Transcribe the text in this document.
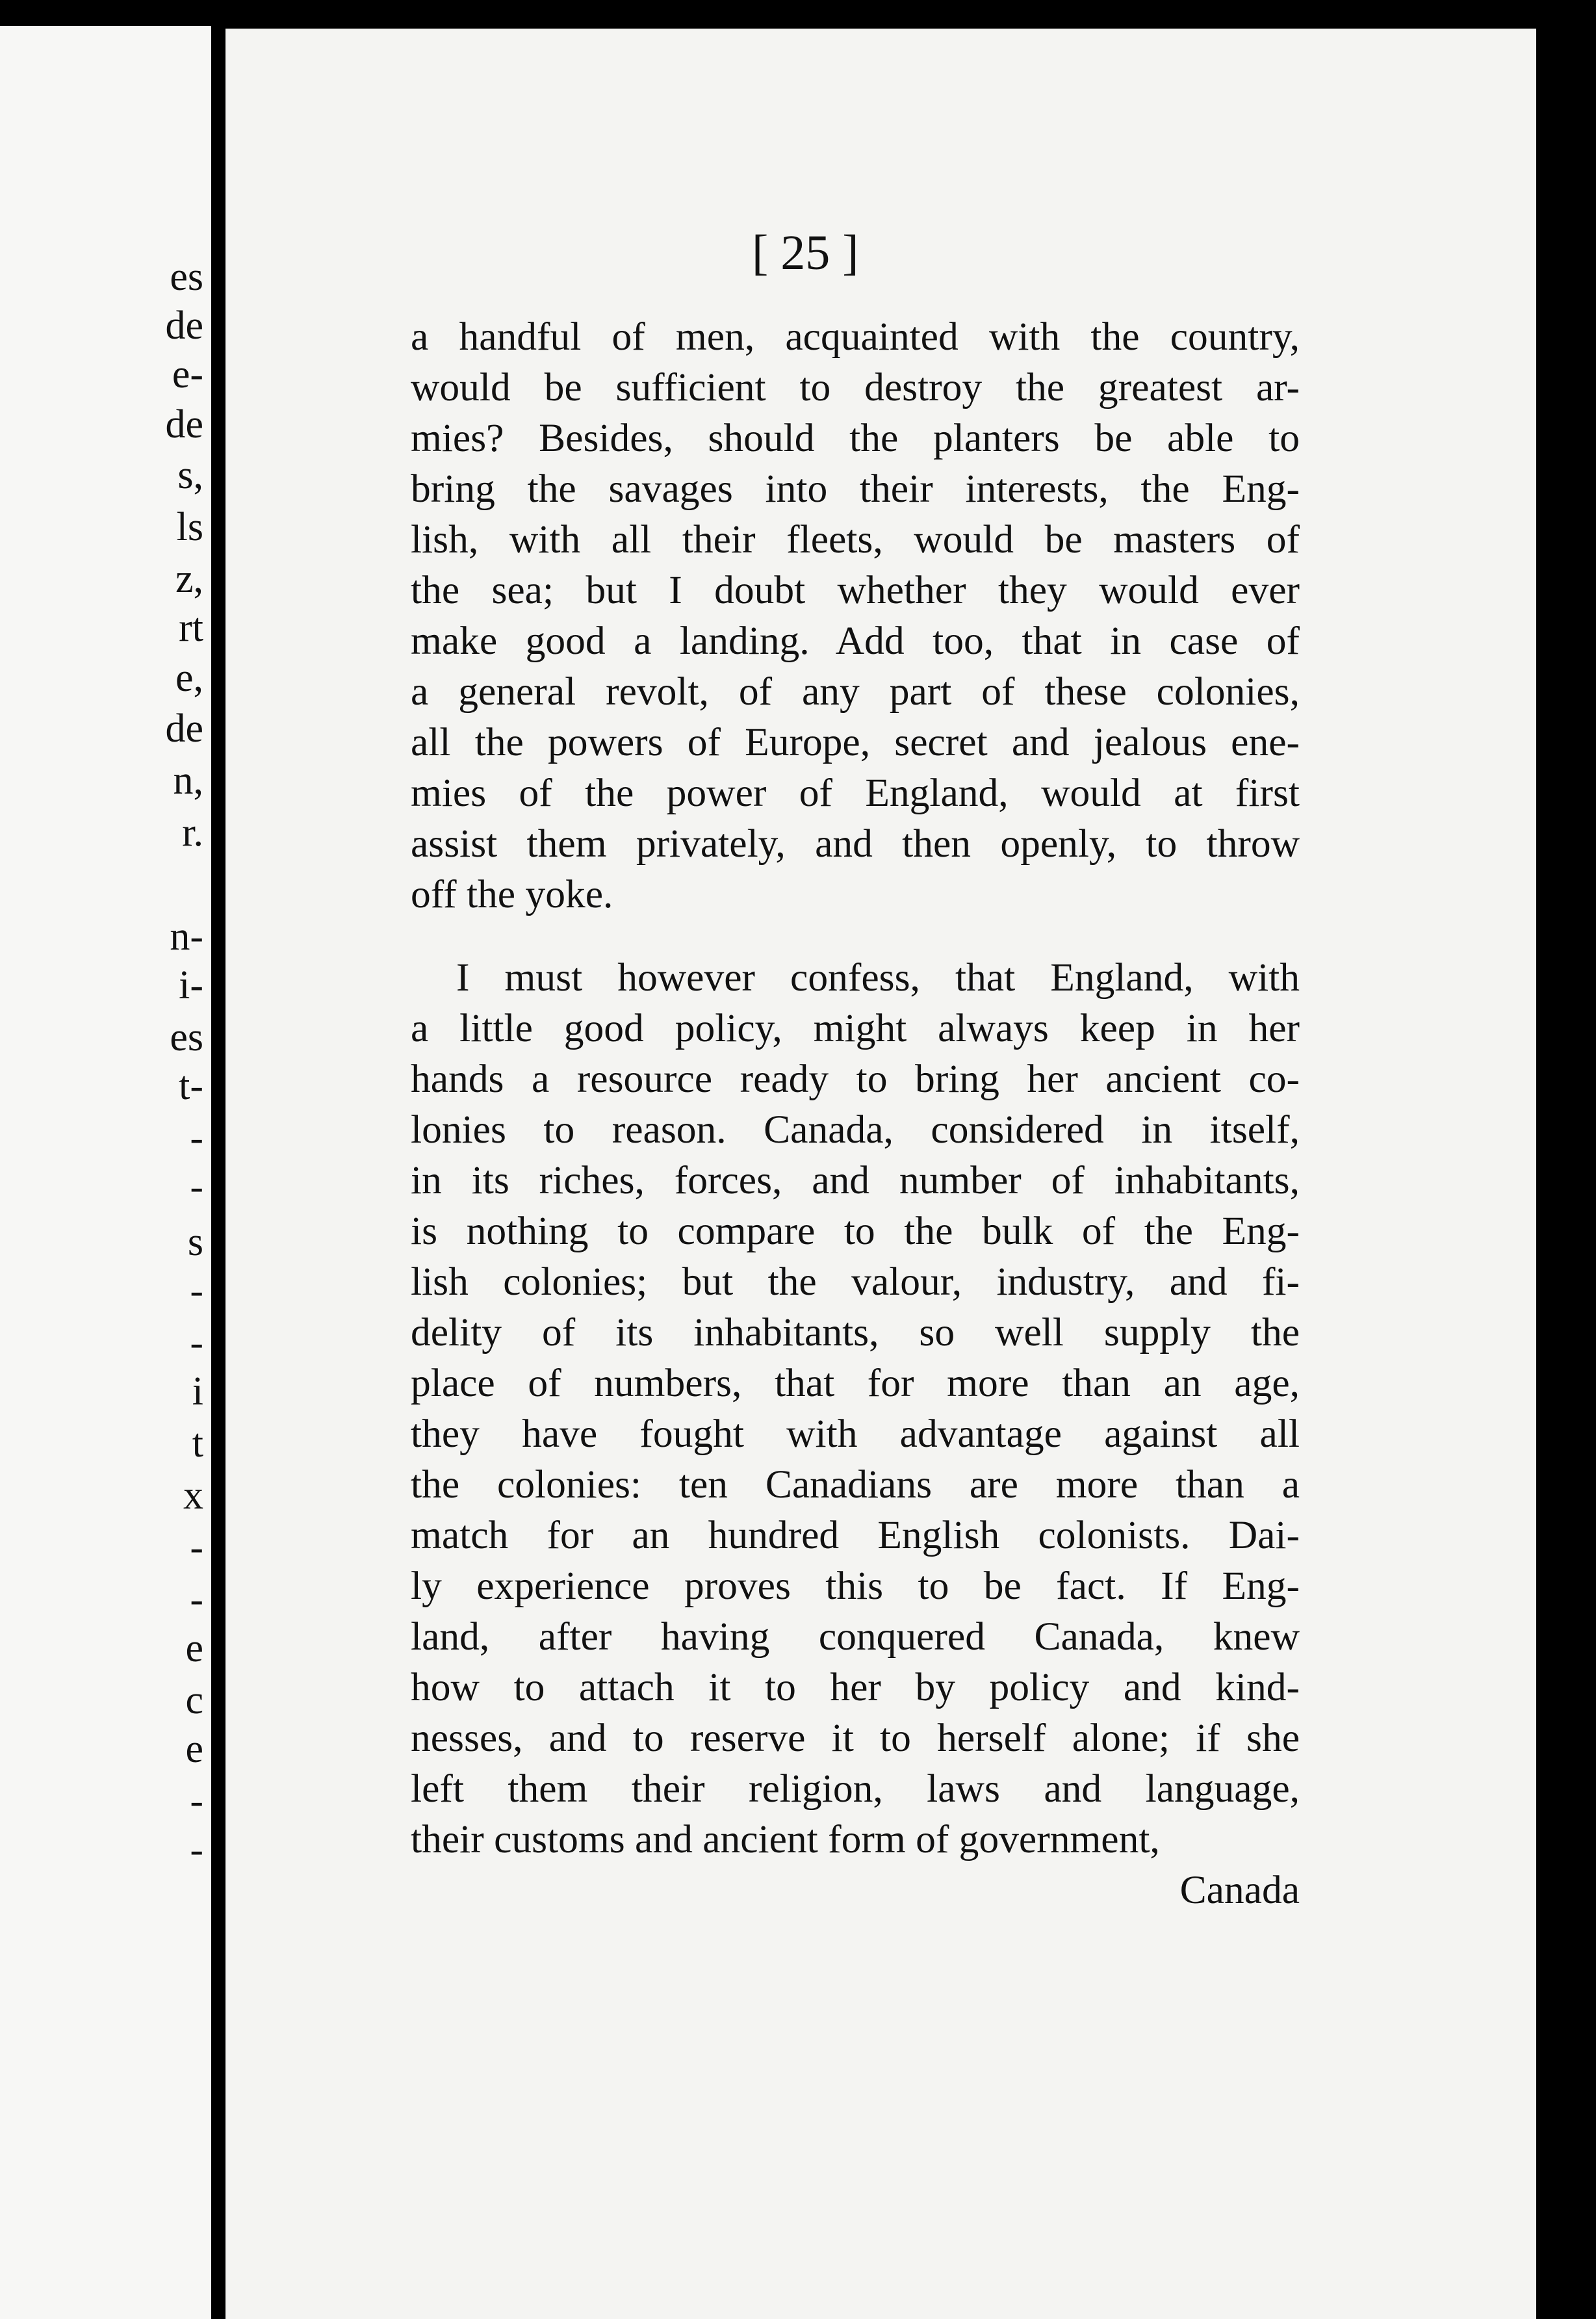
es
de
e-
de
s,
ls
z,
rt
e,
de
n,
r.
n-
i-
es
t-
-
-
s
-
-
i
t
x
-
-
e
c
e
-
-
[ 25 ]
a handful of men, acquainted with the country,
would be sufficient to destroy the greatest ar-
mies? Besides, should the planters be able to
bring the savages into their interests, the Eng-
lish, with all their fleets, would be masters of
the sea; but I doubt whether they would ever
make good a landing. Add too, that in case of
a general revolt, of any part of these colonies,
all the powers of Europe, secret and jealous ene-
mies of the power of England, would at first
assist them privately, and then openly, to throw
off the yoke.
I must however confess, that England, with
a little good policy, might always keep in her
hands a resource ready to bring her ancient co-
lonies to reason. Canada, considered in itself,
in its riches, forces, and number of inhabitants,
is nothing to compare to the bulk of the Eng-
lish colonies; but the valour, industry, and fi-
delity of its inhabitants, so well supply the
place of numbers, that for more than an age,
they have fought with advantage against all
the colonies: ten Canadians are more than a
match for an hundred English colonists. Dai-
ly experience proves this to be fact. If Eng-
land, after having conquered Canada, knew
how to attach it to her by policy and kind-
nesses, and to reserve it to herself alone; if she
left them their religion, laws and language,
their customs and ancient form of government,
Canada
